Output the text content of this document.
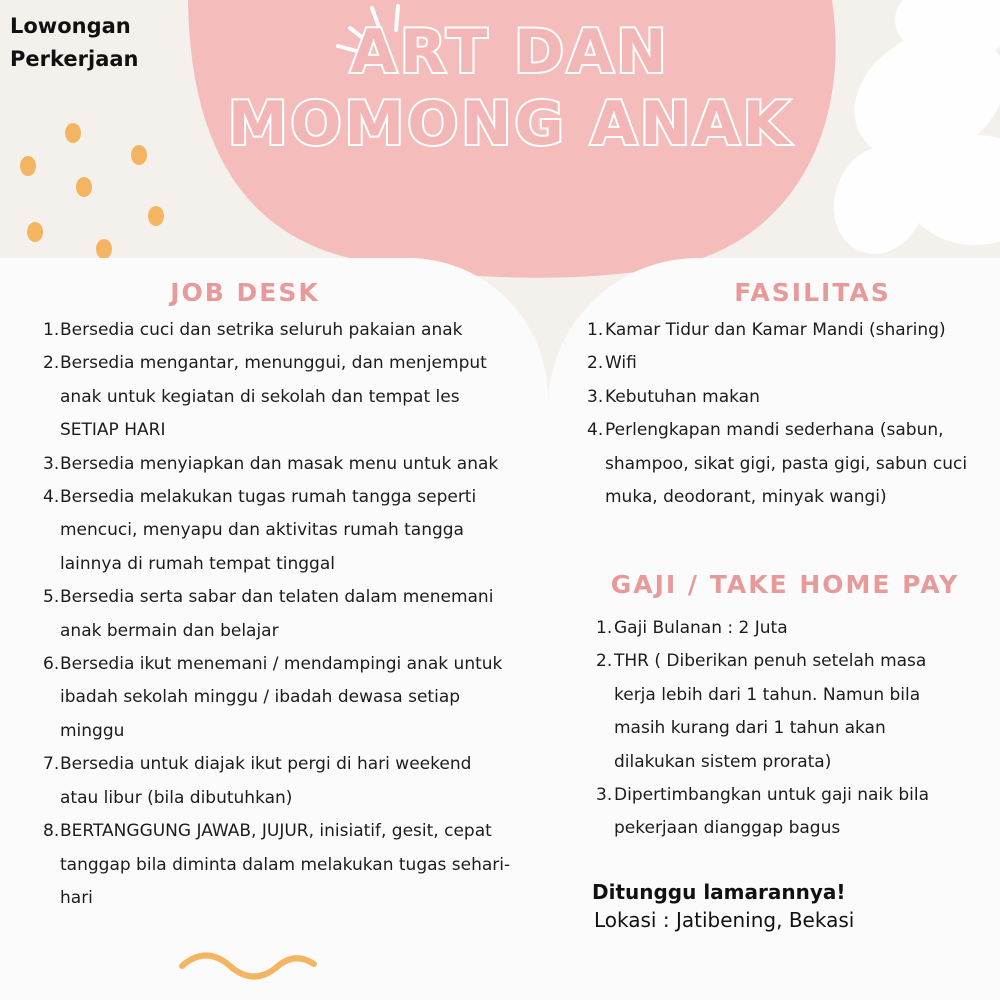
Lowongan
Perkerjaan	ART DAN
MOMONG ANAK
JOB DESK
1. Bersedia cuci dan setrika seluruh pakaian anak
2. Bersedia mengantar, menunggui, dan menjemput anak untuk kegiatan di sekolah dan tempat les SETIAP HARI
3. Bersedia menyiapkan dan masak menu untuk anak
4. Bersedia melakukan tugas rumah tangga seperti mencuci, menyapu dan aktivitas rumah tangga lainnya di rumah tempat tinggal
5. Bersedia serta sabar dan telaten dalam menemani anak bermain dan belajar
6. Bersedia ikut menemani / mendampingi anak untuk ibadah sekolah minggu / ibadah dewasa setiap minggu
7. Bersedia untuk diajak ikut pergi di hari weekend atau libur (bila dibutuhkan)
8. BERTANGGUNG JAWAB, JUJUR, inisiatif, gesit, cepat tanggap bila diminta dalam melakukan tugas sehari-hari
FASILITAS
1. Kamar Tidur dan Kamar Mandi (sharing)
2. Wifi
3. Kebutuhan makan
4. Perlengkapan mandi sederhana (sabun, shampoo, sikat gigi, pasta gigi, sabun cuci muka, deodorant, minyak wangi)
GAJI / TAKE HOME PAY
1. Gaji Bulanan : 2 Juta
2. THR ( Diberikan penuh setelah masa kerja lebih dari 1 tahun. Namun bila masih kurang dari 1 tahun akan dilakukan sistem prorata)
3. Dipertimbangkan untuk gaji naik bila pekerjaan dianggap bagus

Ditunggu lamarannya!

Lokasi : Jatibening, Bekasi
